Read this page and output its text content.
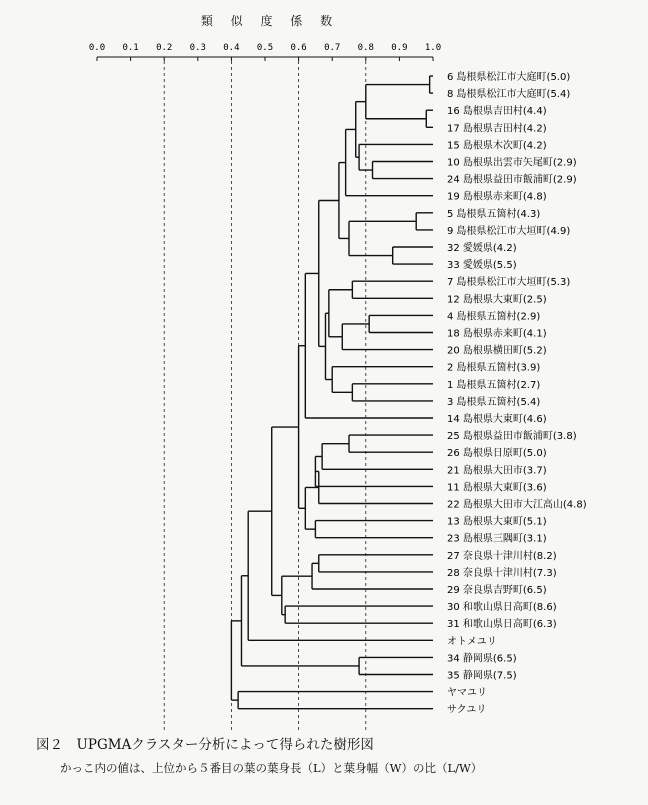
類 似 度 係 数
0.0 0.1 0.2 0.3 0.4 0.5 0.6 0.7 0.8 0.9 1.0
6 島根県松江市大庭町(5.0)
8 島根県松江市大庭町(5.4)
16 島根県吉田村(4.4)
17 島根県吉田村(4.2)
15 島根県木次町(4.2)
10 島根県出雲市矢尾町(2.9)
24 島根県益田市飯浦町(2.9)
19 島根県赤来町(4.8)
5 島根県五箇村(4.3)
9 島根県松江市大垣町(4.9)
32 愛媛県(4.2)
33 愛媛県(5.5)
7 島根県松江市大垣町(5.3)
12 島根県大東町(2.5)
4 島根県五箇村(2.9)
18 島根県赤来町(4.1)
20 島根県横田町(5.2)
2 島根県五箇村(3.9)
1 島根県五箇村(2.7)
3 島根県五箇村(5.4)
14 島根県大東町(4.6)
25 島根県益田市飯浦町(3.8)
26 島根県日原町(5.0)
21 島根県大田市(3.7)
11 島根県大東町(3.6)
22 島根県大田市大江高山(4.8)
13 島根県大東町(5.1)
23 島根県三隅町(3.1)
27 奈良県十津川村(8.2)
28 奈良県十津川村(7.3)
29 奈良県吉野町(6.5)
30 和歌山県日高町(8.6)
31 和歌山県日高町(6.3)
オトメユリ
34 静岡県(6.5)
35 静岡県(7.5)
ヤマユリ
サクユリ
図２　UPGMAクラスター分析によって得られた樹形図
かっこ内の値は、上位から５番目の葉の葉身長（L）と葉身幅（W）の比（L/W）
